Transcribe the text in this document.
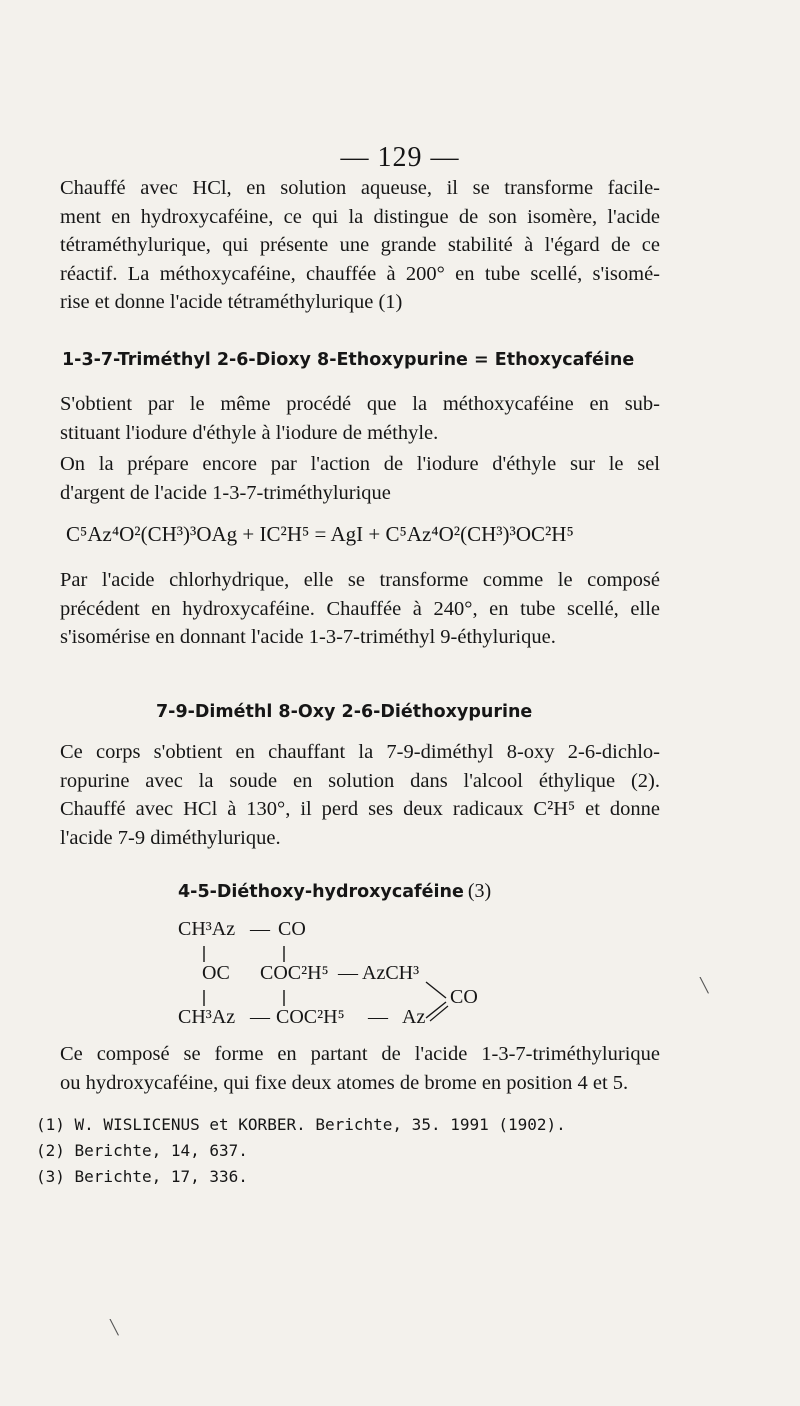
— 129 —
Chauffé avec HCl, en solution aqueuse, il se transforme facile-
ment en hydroxycaféine, ce qui la distingue de son isomère, l'acide
tétraméthylurique, qui présente une grande stabilité à l'égard de ce
réactif. La méthoxycaféine, chauffée à 200° en tube scellé, s'isomé-
rise et donne l'acide tétraméthylurique (1)
1-3-7-Triméthyl 2-6-Dioxy 8-Ethoxypurine = Ethoxycaféine
S'obtient par le même procédé que la méthoxycaféine en sub-
stituant l'iodure d'éthyle à l'iodure de méthyle.
On la prépare encore par l'action de l'iodure d'éthyle sur le sel
d'argent de l'acide 1-3-7-triméthylurique
C⁵Az⁴O²(CH³)³OAg + IC²H⁵ = AgI + C⁵Az⁴O²(CH³)³OC²H⁵
Par l'acide chlorhydrique, elle se transforme comme le composé
précédent en hydroxycaféine. Chauffée à 240°, en tube scellé, elle
s'isomérise en donnant l'acide 1-3-7-triméthyl 9-éthylurique.
7-9-Diméthl 8-Oxy 2-6-Diéthoxypurine
Ce corps s'obtient en chauffant la 7-9-diméthyl 8-oxy 2-6-dichlo-
ropurine avec la soude en solution dans l'alcool éthylique (2).
Chauffé avec HCl à 130°, il perd ses deux radicaux C²H⁵ et donne
l'acide 7-9 diméthylurique.
4-5-Diéthoxy-hydroxycaféine (3)
CH³Az — CO
OC COC²H⁵ — AzCH³
CH³Az — COC²H⁵ — Az
CO
Ce composé se forme en partant de l'acide 1-3-7-triméthylurique
ou hydroxycaféine, qui fixe deux atomes de brome en position 4 et 5.
(1) W. WISLICENUS et KORBER. Berichte, 35. 1991 (1902).
(2) Berichte, 14, 637.
(3) Berichte, 17, 336.
╲
╲
